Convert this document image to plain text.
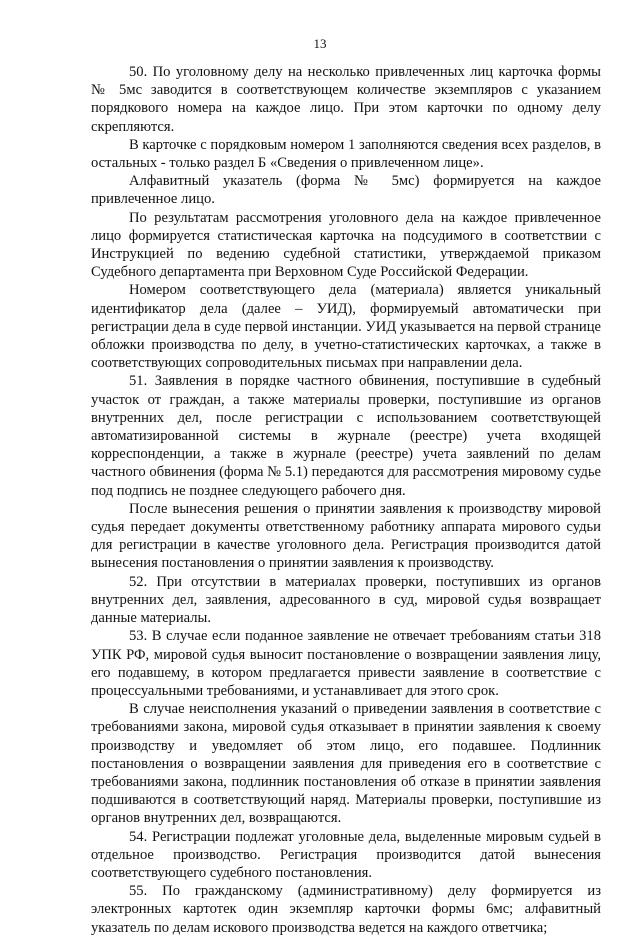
13

50. По уголовному делу на несколько привлеченных лиц карточка формы № 5мс заводится в соответствующем количестве экземпляров с указанием порядкового номера на каждое лицо. При этом карточки по одному делу скрепляются.

В карточке с порядковым номером 1 заполняются сведения всех разделов, в остальных - только раздел Б «Сведения о привлеченном лице».

Алфавитный указатель (форма № 5мс) формируется на каждое привлеченное лицо.

По результатам рассмотрения уголовного дела на каждое привлеченное лицо формируется статистическая карточка на подсудимого в соответствии с Инструкцией по ведению судебной статистики, утверждаемой приказом Судебного департамента при Верховном Суде Российской Федерации.

Номером соответствующего дела (материала) является уникальный идентификатор дела (далее – УИД), формируемый автоматически при регистрации дела в суде первой инстанции. УИД указывается на первой странице обложки производства по делу, в учетно-статистических карточках, а также в соответствующих сопроводительных письмах при направлении дела.

51. Заявления в порядке частного обвинения, поступившие в судебный участок от граждан, а также материалы проверки, поступившие из органов внутренних дел, после регистрации с использованием соответствующей автоматизированной системы в журнале (реестре) учета входящей корреспонденции, а также в журнале (реестре) учета заявлений по делам частного обвинения (форма № 5.1) передаются для рассмотрения мировому судье под подпись не позднее следующего рабочего дня.

После вынесения решения о принятии заявления к производству мировой судья передает документы ответственному работнику аппарата мирового судьи для регистрации в качестве уголовного дела. Регистрация производится датой вынесения постановления о принятии заявления к производству.

52. При отсутствии в материалах проверки, поступивших из органов внутренних дел, заявления, адресованного в суд, мировой судья возвращает данные материалы.

53. В случае если поданное заявление не отвечает требованиям статьи 318 УПК РФ, мировой судья выносит постановление о возвращении заявления лицу, его подавшему, в котором предлагается привести заявление в соответствие с процессуальными требованиями, и устанавливает для этого срок.

В случае неисполнения указаний о приведении заявления в соответствие с требованиями закона, мировой судья отказывает в принятии заявления к своему производству и уведомляет об этом лицо, его подавшее. Подлинник постановления о возвращении заявления для приведения его в соответствие с требованиями закона, подлинник постановления об отказе в принятии заявления подшиваются в соответствующий наряд. Материалы проверки, поступившие из органов внутренних дел, возвращаются.

54. Регистрации подлежат уголовные дела, выделенные мировым судьей в отдельное производство. Регистрация производится датой вынесения соответствующего судебного постановления.

55. По гражданскому (административному) делу формируется из электронных картотек один экземпляр карточки формы 6мс; алфавитный указатель по делам искового производства ведется на каждого ответчика;
